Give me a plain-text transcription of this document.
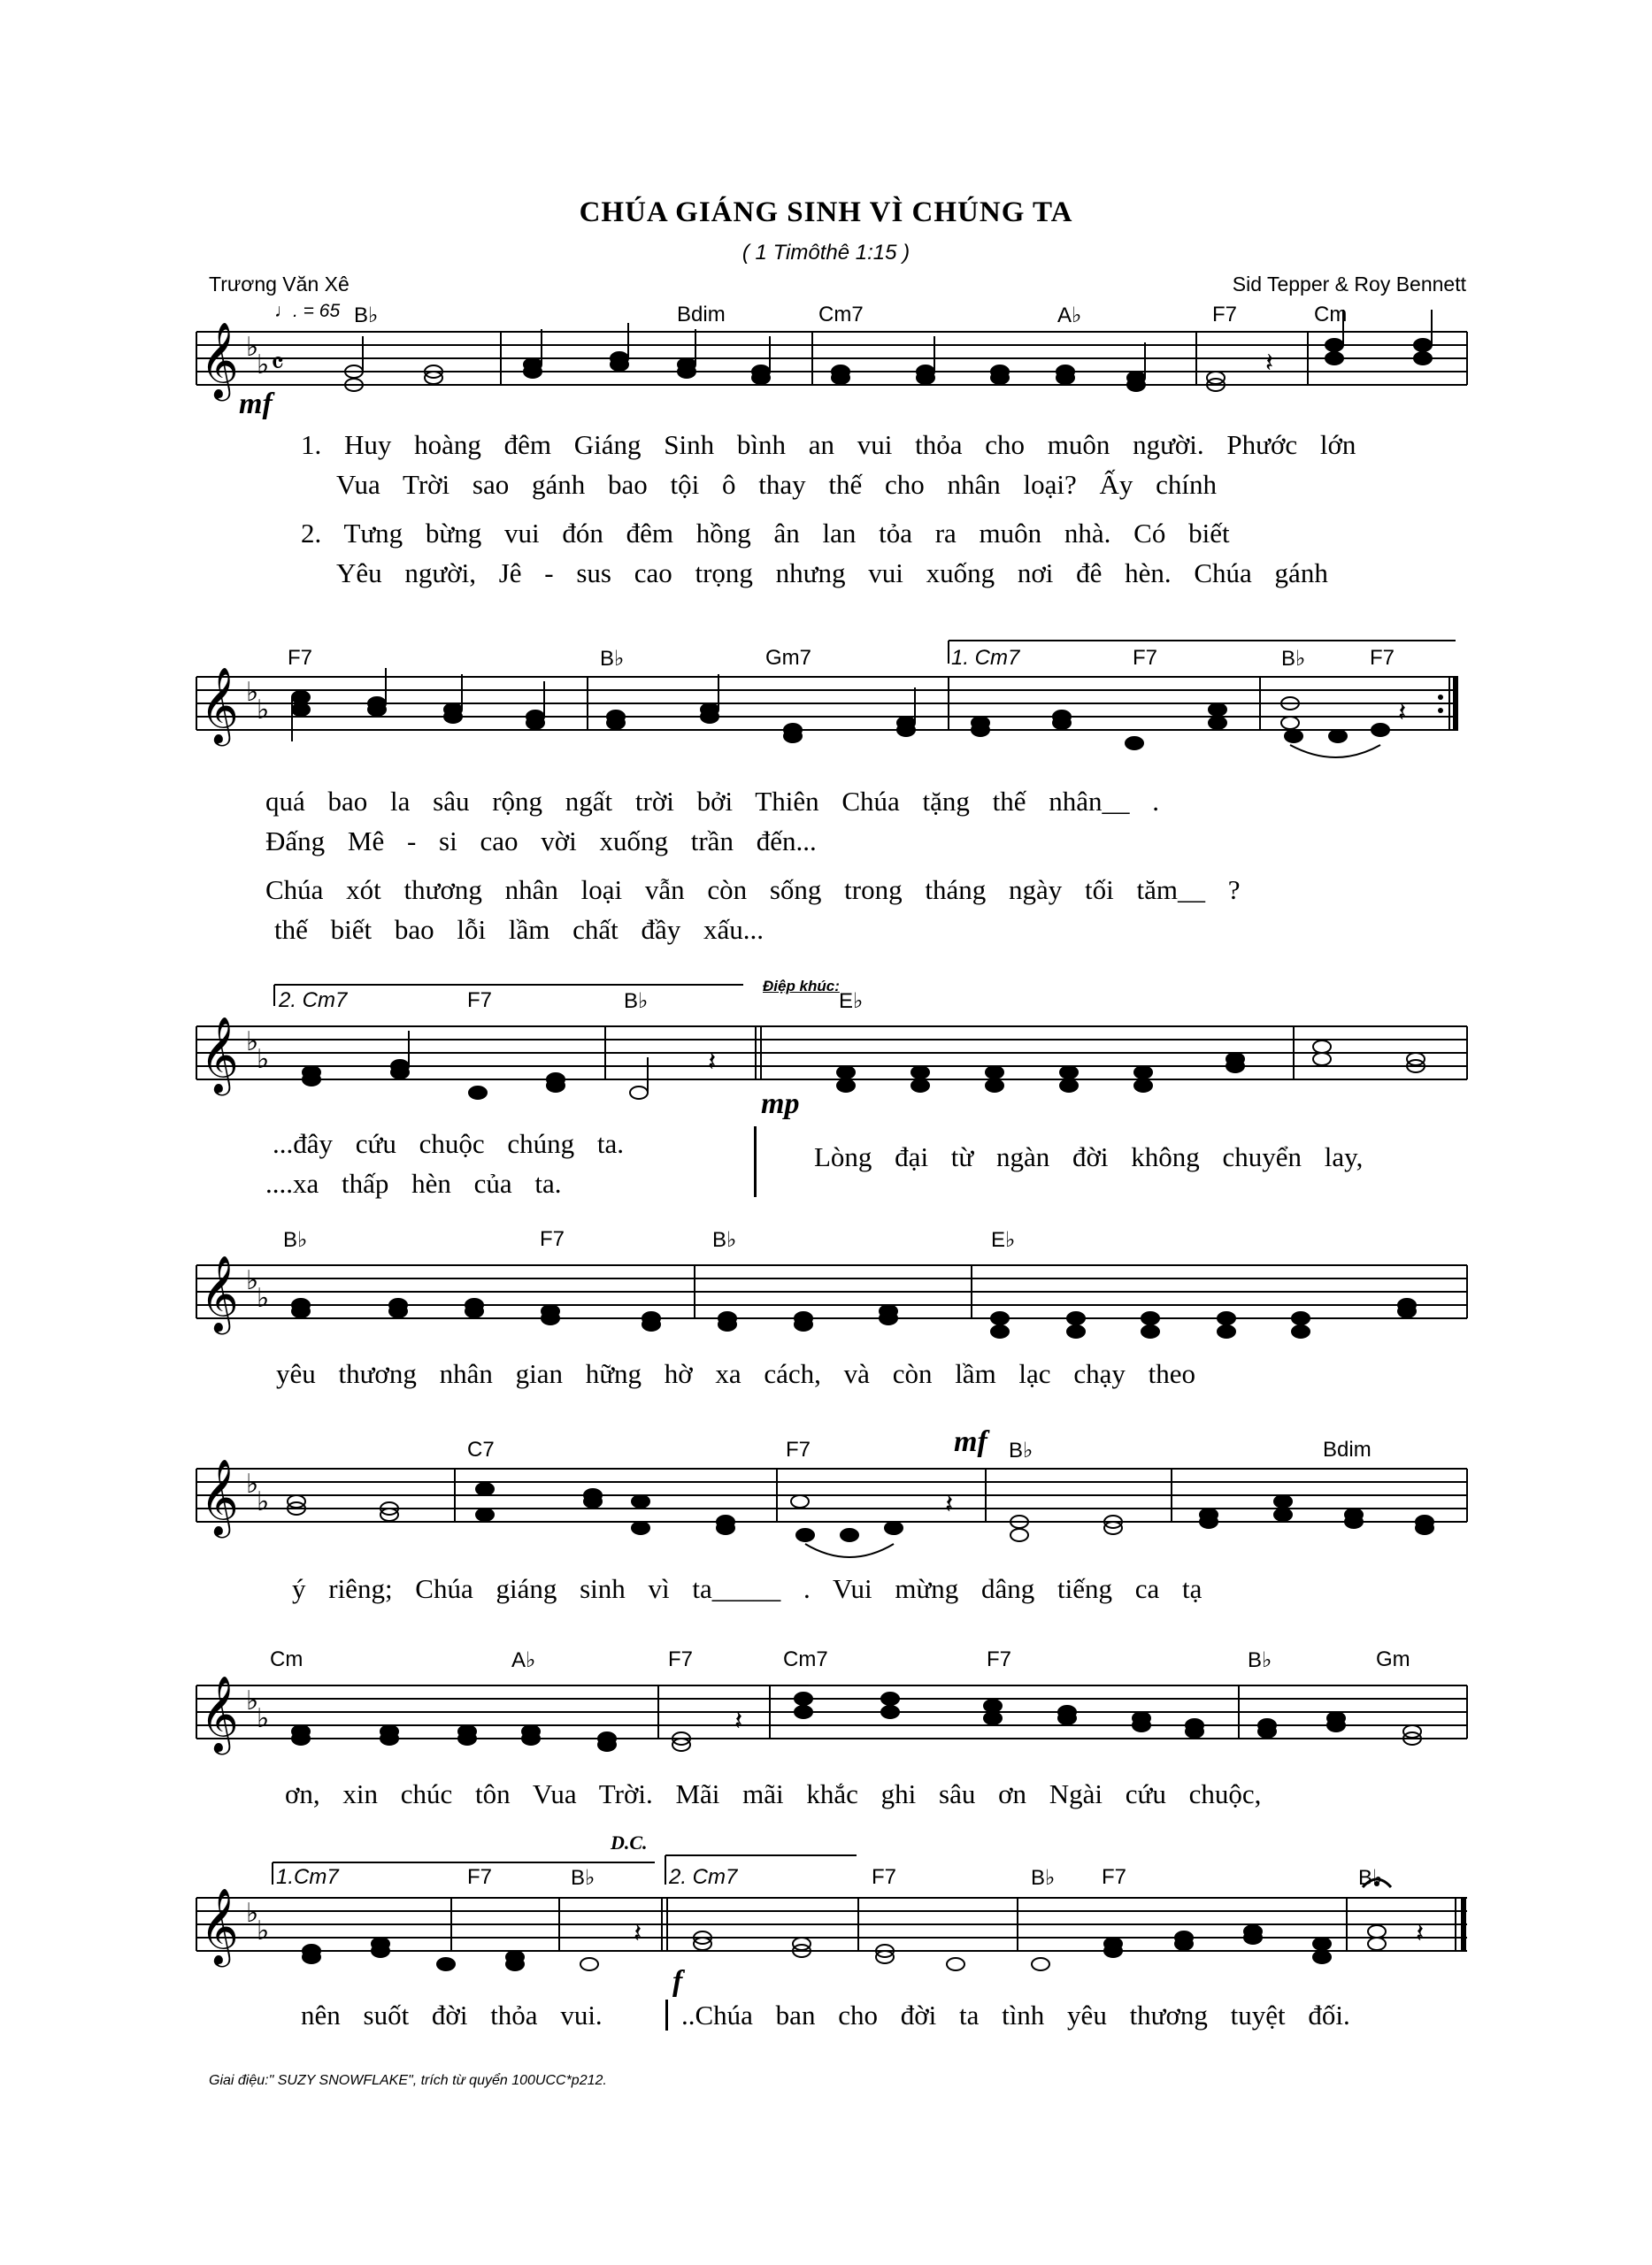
CHÚA GIÁNG SINH VÌ CHÚNG TA
( 1 Timôthê 1:15 )
Trương Văn Xê	Sid Tepper & Roy Bennett
♩. = 65 B♭	Bdim	Cm7	A♭	F7	Cm
𝄞 ♭
♭ 𝄴	𝄽
mf
1. Huy hoàng đêm Giáng Sinh bình an vui thỏa cho muôn người. Phước lớn
Vua Trời sao gánh bao tội ô thay thế cho nhân loại? Ấy chính
2. Tưng bừng vui đón đêm hồng ân lan tỏa ra muôn nhà. Có biết
Yêu người, Jê - sus cao trọng nhưng vui xuống nơi đê hèn. Chúa gánh
F7	B♭	Gm7	1. Cm7	F7	B♭	F7
𝄞 ♭
♭	𝄽
quá bao la sâu rộng ngất trời bởi Thiên Chúa tặng thế nhân__ .
Đấng Mê - si cao vời xuống trần đến...
Chúa xót thương nhân loại vẫn còn sống trong tháng ngày tối tăm__ ?
thế biết bao lỗi lầm chất đầy xấu...
𝄞 ♭
♭	𝄽
2. Cm7	F7	B♭
Điệp khúc:
E♭
mp
...đây cứu chuộc chúng ta.
....xa thấp hèn của ta.
Lòng đại từ ngàn đời không chuyển lay,
B♭	F7	B♭	E♭
𝄞 ♭
♭
yêu thương nhân gian hững hờ xa cách, và còn lầm lạc chạy theo
C7	F7	mf B♭	Bdim
𝄞 ♭
♭	𝄽
ý riêng; Chúa giáng sinh vì ta_____ . Vui mừng dâng tiếng ca tạ
Cm	A♭	F7	Cm7	F7	B♭	Gm
𝄞 ♭
♭	𝄽
ơn, xin chúc tôn Vua Trời. Mãi mãi khắc ghi sâu ơn Ngài cứu chuộc,
𝄞 ♭
♭	𝄽	𝄽
1.Cm7	F7	B♭
D.C.
2. Cm7	F7	B♭ F7	B♭
f
nên suốt đời thỏa vui.	..Chúa ban cho đời ta tình yêu thương tuyệt đối.
Giai điệu:" SUZY SNOWFLAKE", trích từ quyển 100UCC*p212.
